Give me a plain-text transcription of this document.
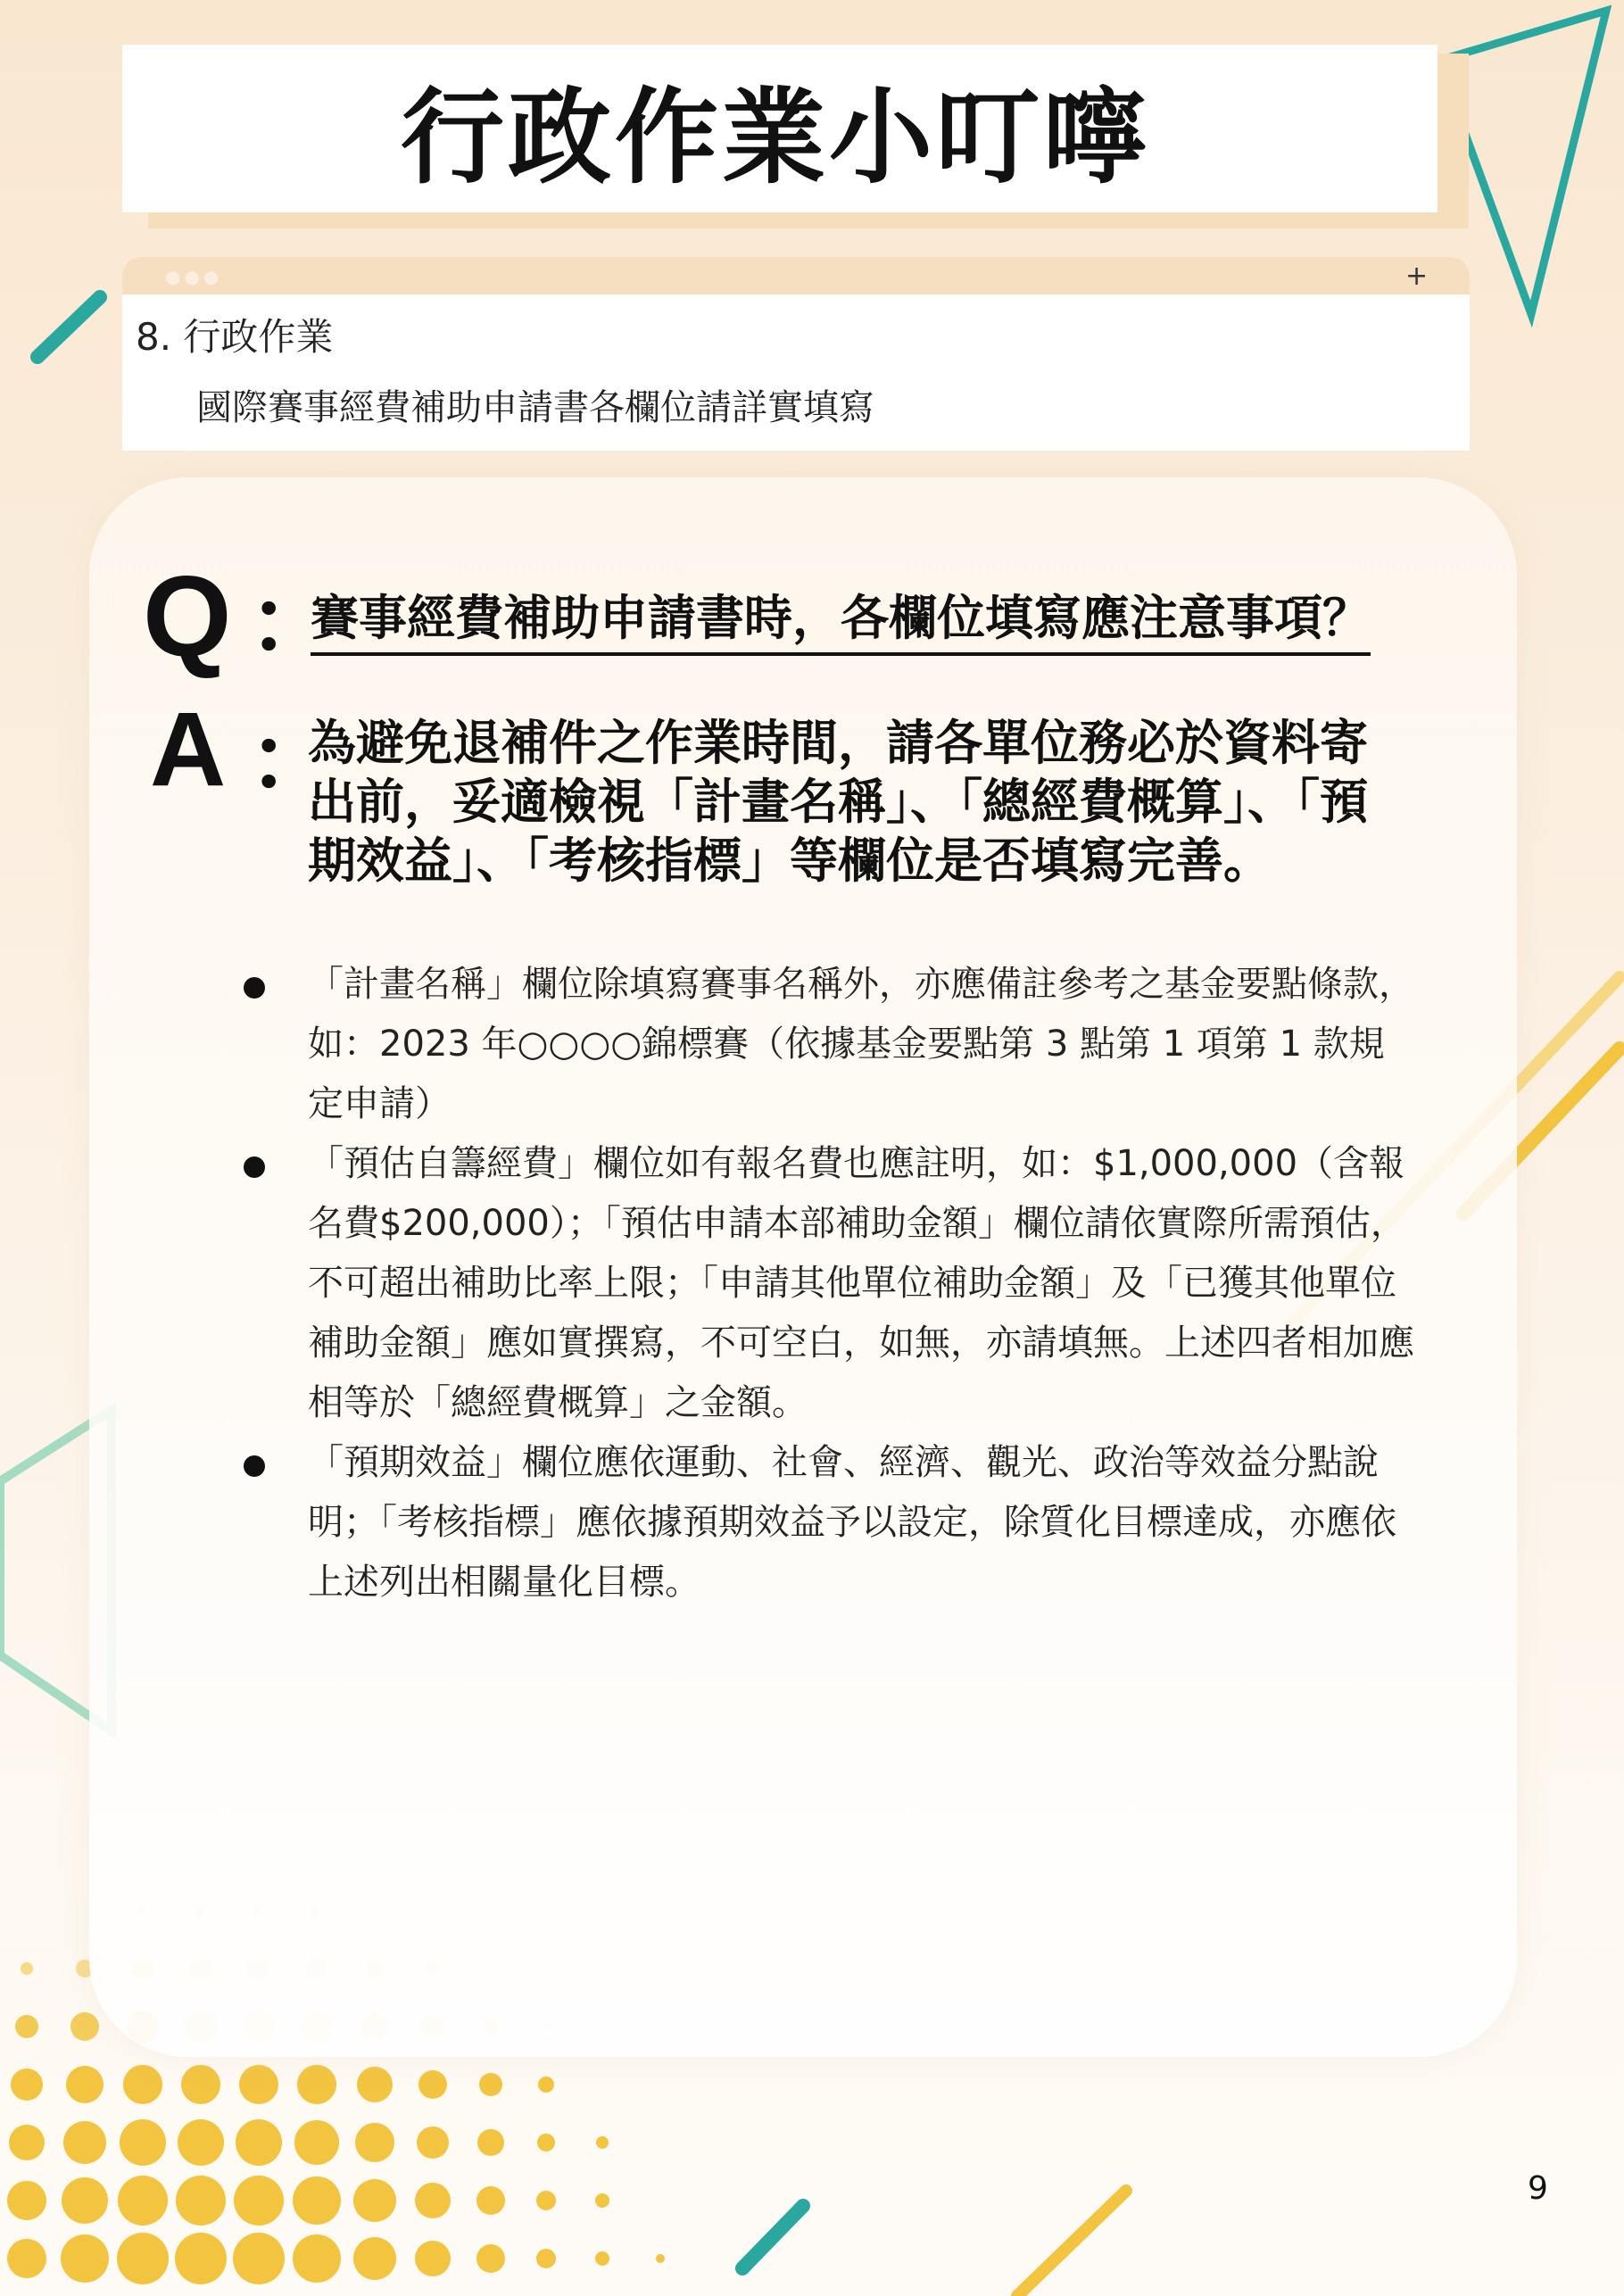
行政作業小叮嚀
●●●	+
8. 行政作業
國際賽事經費補助申請書各欄位請詳實填寫
Q ：
賽事經費補助申請書時，各欄位填寫應注意事項？
A ：
為避免退補件之作業時間，請各單位務必於資料寄出前，妥適檢視「計畫名稱」、「總經費概算」、「預期效益」、「考核指標」等欄位是否填寫完善。
「計畫名稱」欄位除填寫賽事名稱外，亦應備註參考之基金要點條款，如：2023 年○○○○錦標賽（依據基金要點第 3 點第 1 項第 1 款規定申請）
「預估自籌經費」欄位如有報名費也應註明，如：$1,000,000（含報名費$200,000）；「預估申請本部補助金額」欄位請依實際所需預估，不可超出補助比率上限；「申請其他單位補助金額」及「已獲其他單位補助金額」應如實撰寫，不可空白，如無，亦請填無。上述四者相加應相等於「總經費概算」之金額。
「預期效益」欄位應依運動、社會、經濟、觀光、政治等效益分點說明；「考核指標」應依據預期效益予以設定，除質化目標達成，亦應依上述列出相關量化目標。
9
